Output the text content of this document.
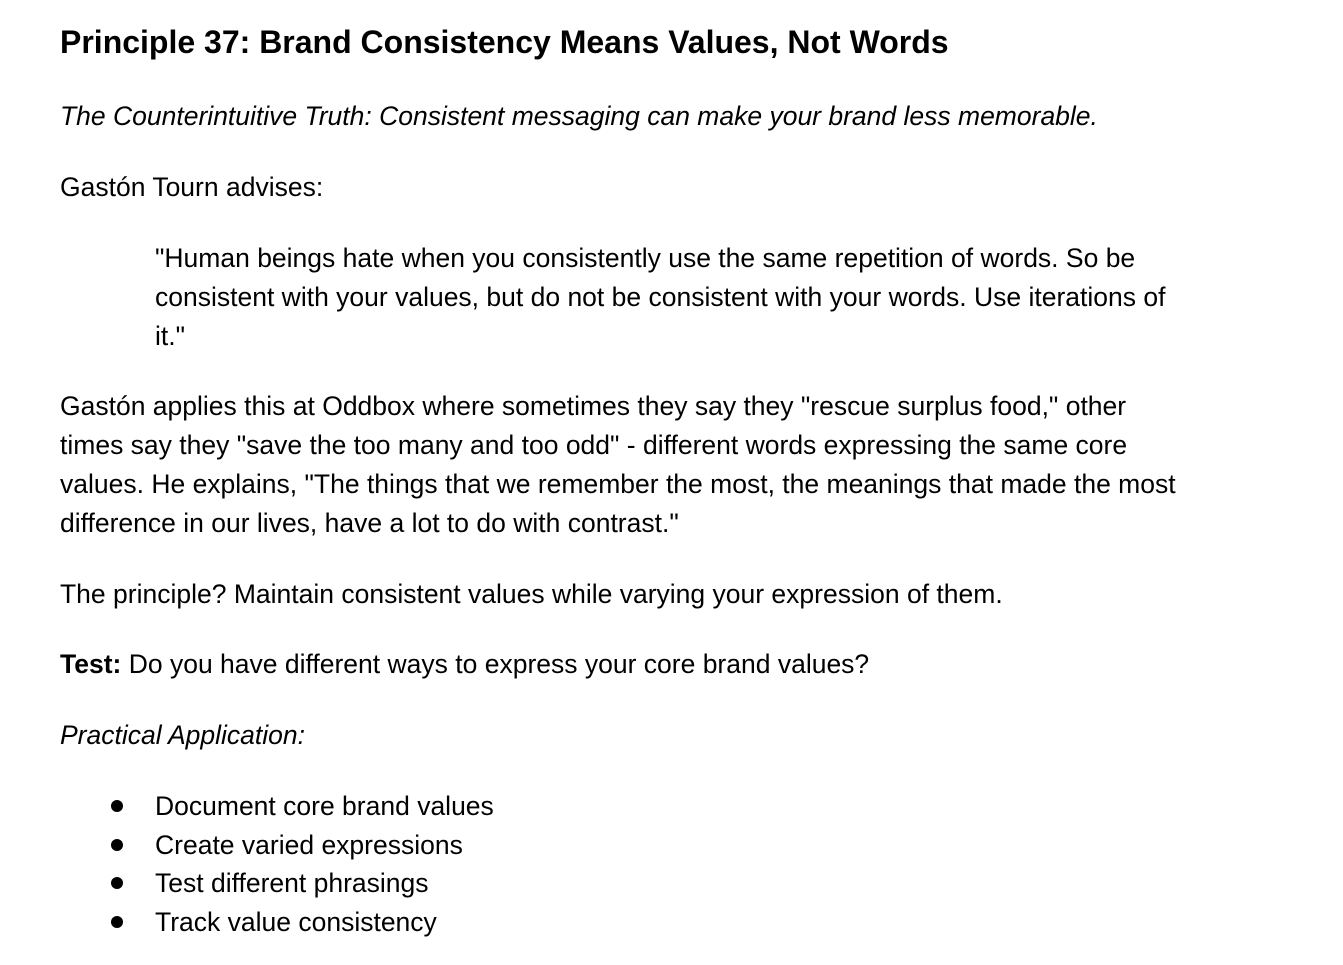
Principle 37: Brand Consistency Means Values, Not Words

The Counterintuitive Truth: Consistent messaging can make your brand less memorable.

Gastón Tourn advises:

"Human beings hate when you consistently use the same repetition of words. So be
consistent with your values, but do not be consistent with your words. Use iterations of
it."

Gastón applies this at Oddbox where sometimes they say they "rescue surplus food," other
times say they "save the too many and too odd" - different words expressing the same core
values. He explains, "The things that we remember the most, the meanings that made the most
difference in our lives, have a lot to do with contrast."

The principle? Maintain consistent values while varying your expression of them.

Test: Do you have different ways to express your core brand values?

Practical Application:

Document core brand values
Create varied expressions
Test different phrasings
Track value consistency
